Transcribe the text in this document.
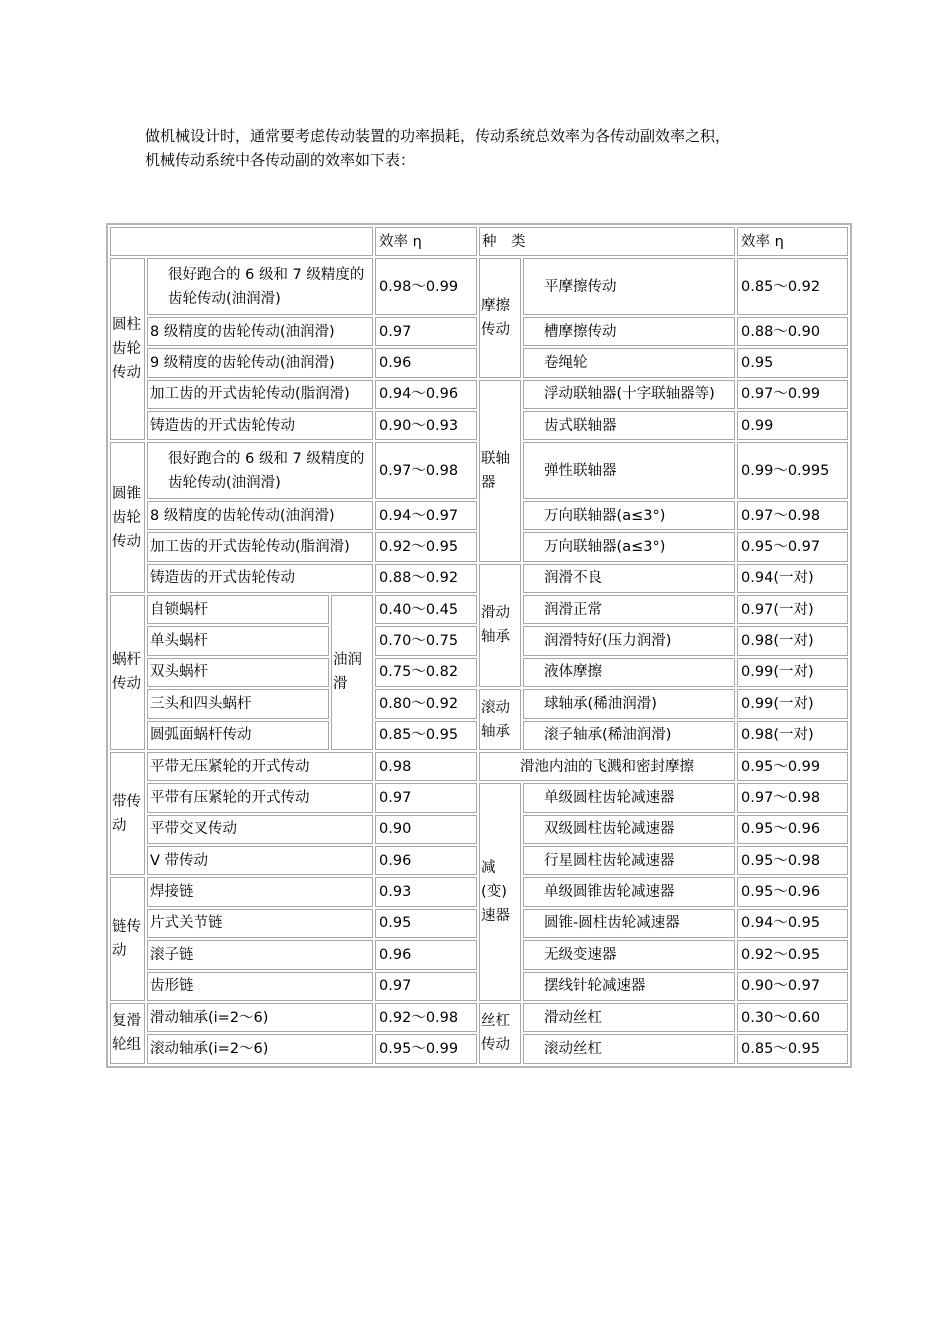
做机械设计时，通常要考虑传动装置的功率损耗，传动系统总效率为各传动副效率之积，

机械传动系统中各传动副的效率如下表：

			效率 η	种　类		效率 η
圆柱齿轮传动	很好跑合的 6 级和 7 级精度的齿轮传动(油润滑)		0.98～0.99	摩擦传动	平摩擦传动	0.85～0.92
	8 级精度的齿轮传动(油润滑)		0.97		槽摩擦传动	0.88～0.90
	9 级精度的齿轮传动(油润滑)		0.96		卷绳轮	0.95
	加工齿的开式齿轮传动(脂润滑)		0.94～0.96	联轴器	浮动联轴器(十字联轴器等)	0.97～0.99
	铸造齿的开式齿轮传动		0.90～0.93		齿式联轴器	0.99
圆锥齿轮传动	很好跑合的 6 级和 7 级精度的齿轮传动(油润滑)		0.97～0.98		弹性联轴器	0.99～0.995
	8 级精度的齿轮传动(油润滑)		0.94～0.97		万向联轴器(a≤3°)	0.97～0.98
	加工齿的开式齿轮传动(脂润滑)		0.92～0.95		万向联轴器(a≤3°)	0.95～0.97
	铸造齿的开式齿轮传动		0.88～0.92	滑动轴承	润滑不良	0.94(一对)
蜗杆传动	自锁蜗杆	油润滑	0.40～0.45		润滑正常	0.97(一对)
	单头蜗杆		0.70～0.75		润滑特好(压力润滑)	0.98(一对)
	双头蜗杆		0.75～0.82		液体摩擦	0.99(一对)
	三头和四头蜗杆		0.80～0.92	滚动轴承	球轴承(稀油润滑)	0.99(一对)
	圆弧面蜗杆传动		0.85～0.95		滚子轴承(稀油润滑)	0.98(一对)
带传动	平带无压紧轮的开式传动		0.98	滑池内油的飞溅和密封摩擦		0.95～0.99
	平带有压紧轮的开式传动		0.97	减(变)速器	单级圆柱齿轮减速器	0.97～0.98
	平带交叉传动		0.90		双级圆柱齿轮减速器	0.95～0.96
	V 带传动		0.96		行星圆柱齿轮减速器	0.95～0.98
链传动	焊接链		0.93		单级圆锥齿轮减速器	0.95～0.96
	片式关节链		0.95		圆锥-圆柱齿轮减速器	0.94～0.95
	滚子链		0.96		无级变速器	0.92～0.95
	齿形链		0.97		摆线针轮减速器	0.90～0.97
复滑轮组	滑动轴承(i=2～6)		0.92～0.98	丝杠传动	滑动丝杠	0.30～0.60
	滚动轴承(i=2～6)		0.95～0.99		滚动丝杠	0.85～0.95
